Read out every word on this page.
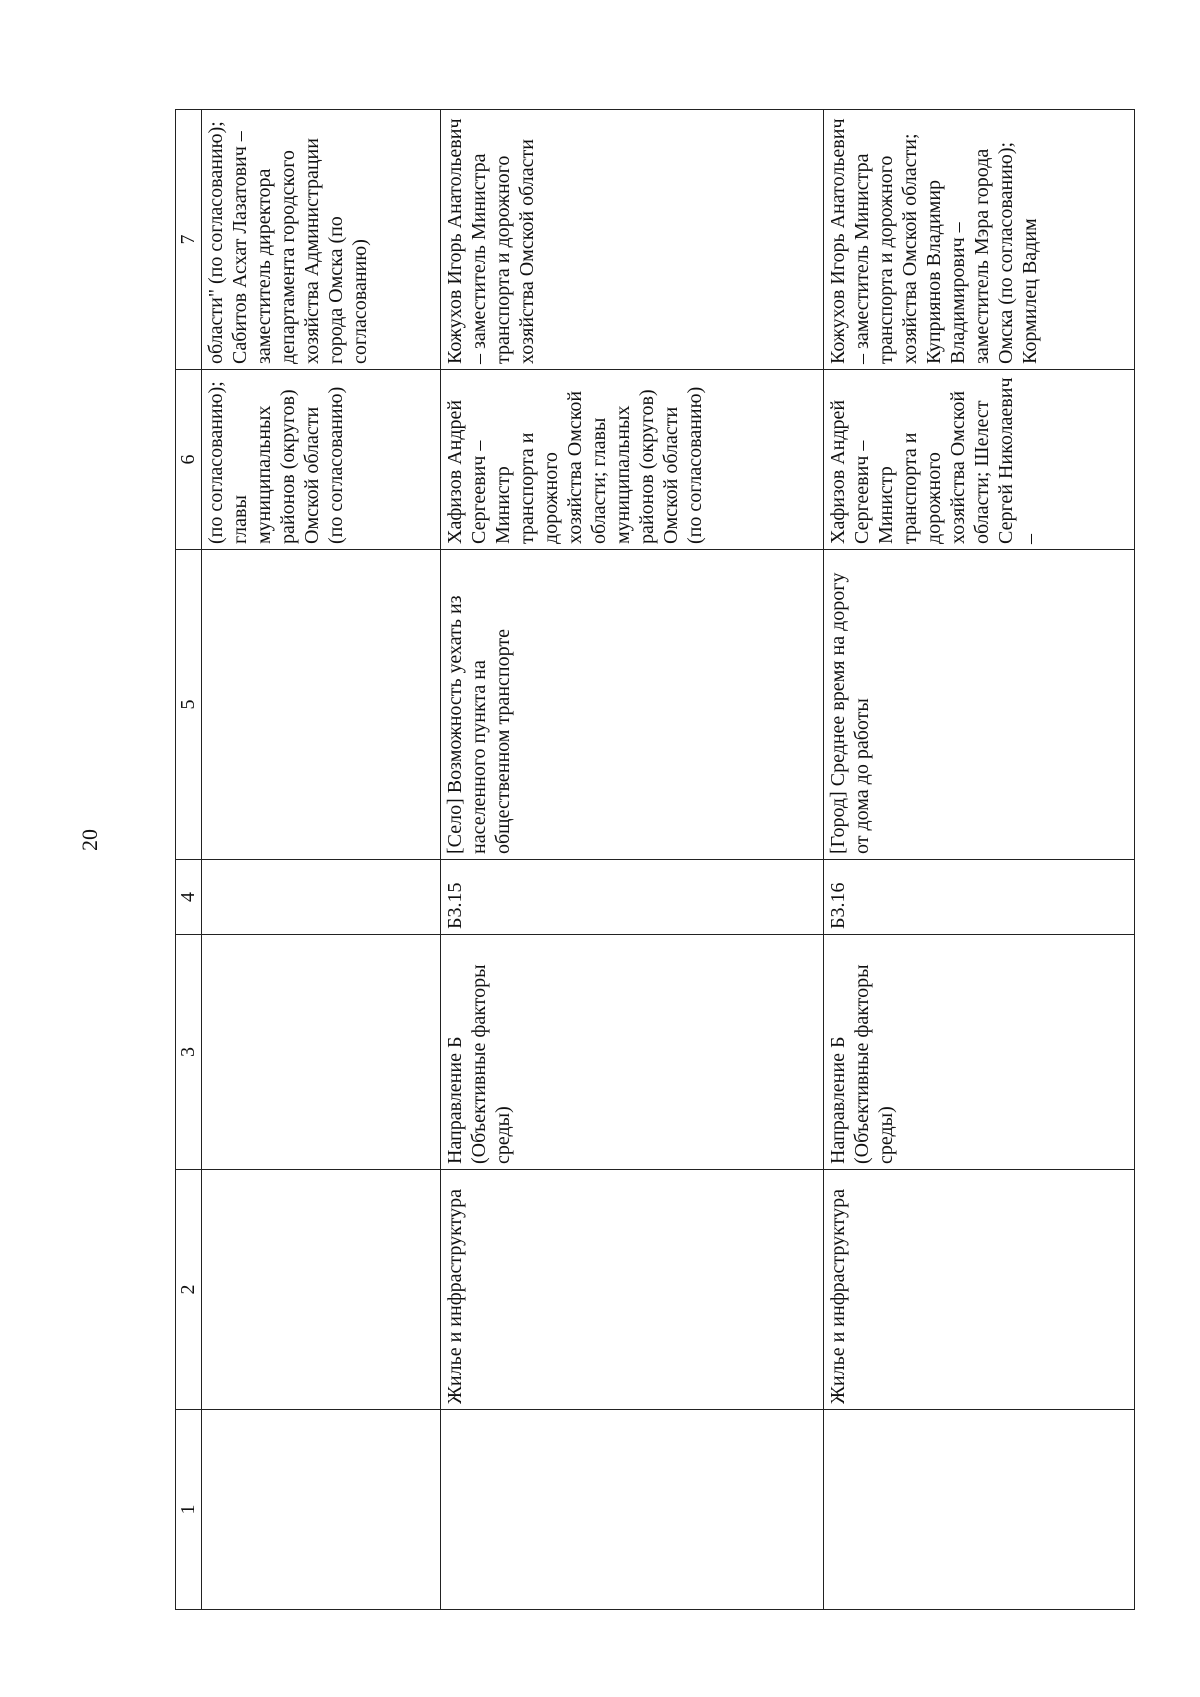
20
1	2	3	4	5	6	7
					(по согласованию); главы муниципальных районов (округов) Омской области (по согласованию)	области" (по согласованию); Сабитов Асхат Лазатович – заместитель директора департамента городского хозяйства Администрации города Омска (по согласованию)
	Жилье и инфраструктура	Направление Б (Объективные факторы среды)	Б3.15	[Село] Возможность уехать из населенного пункта на общественном транспорте	Хафизов Андрей Сергеевич – Министр транспорта и дорожного хозяйства Омской области; главы муниципальных районов (округов) Омской области (по согласованию)	Кожухов Игорь Анатольевич – заместитель Министра транспорта и дорожного хозяйства Омской области
	Жилье и инфраструктура	Направление Б (Объективные факторы среды)	Б3.16	[Город] Среднее время на дорогу от дома до работы	Хафизов Андрей Сергеевич – Министр транспорта и дорожного хозяйства Омской области; Шелест Сергей Николаевич –	Кожухов Игорь Анатольевич – заместитель Министра транспорта и дорожного хозяйства Омской области; Куприянов Владимир Владимирович – заместитель Мэра города Омска (по согласованию); Кормилец Вадим
